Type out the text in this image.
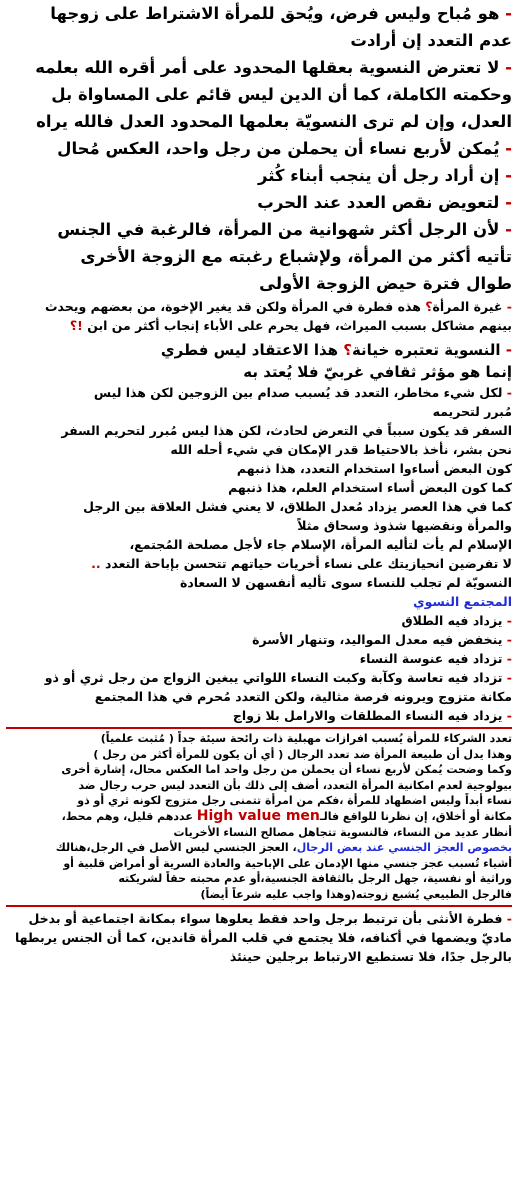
- هو مُباح وليس فرض، ويُحق للمرأة الاشتراط على زوجها
عدم التعدد إن أرادت
- لا تعترض النسوية بعقلها المحدود على أمر أقره الله بعلمه
وحكمته الكاملة، كما أن الدين ليس قائم على المساواة بل
العدل، وإن لم ترى النسويّة بعلمها المحدود العدل فالله يراه
- يُمكن لأربع نساء أن يحملن من رجل واحد، العكس مُحال
- إن أراد رجل أن ينجب أبناء كُثر
- لتعويض نقص العدد عند الحرب
- لأن الرجل أكثر شهوانية من المرأة، فالرغبة في الجنس
تأتيه أكثر من المرأة، ولإشباع رغبته مع الزوجة الأخرى
طوال فترة حيض الزوجة الأولى
- غيرة المرأة؟ هذه فطرة في المرأة ولكن قد يغير الإخوة، من بعضهم ويحدث
بينهم مشاكل بسبب الميراث، فهل يحرم على الأباء إنجاب أكثر من ابن !؟
- النسوية تعتبره خيانة؟ هذا الاعتقاد ليس فطري
إنما هو مؤثر ثقافي غربيّ فلا يُعتد به
- لكل شيء مخاطر، التعدد قد يُسبب صدام بين الزوجين لكن هذا ليس
مُبرر لتحريمه
السفر قد يكون سبباً في التعرض لحادث، لكن هذا ليس مُبرر لتحريم السفر
نحن بشر، نأخذ بالاحتياط قدر الإمكان في شيء أحله الله
كون البعض أساءوا استخدام التعدد، هذا ذنبهم
كما كون البعض أساء استخدام العلم، هذا ذنبهم
كما في هذا العصر يزداد مُعدل الطلاق، لا يعني فشل العلاقة بين الرجل
والمرأة ونقضيها شذوذ وسحاق مثلاً
الإسلام لم يأت لتأليه المرأة، الإسلام جاء لأجل مصلحة المُجتمع،
لا تفرضين انحيازيتك على نساء أخريات حياتهم تتحسن بإباحة التعدد ..
النسويّة لم تجلب للنساء سوى تأليه أنفسهن لا السعادة
المجتمع النسوي
- يزداد فيه الطلاق
- ينخفض فيه معدل المواليد، وتنهار الأسرة
- تزداد فيه عنوسة النساء
- تزداد فيه تعاسة وكآبة وكبت النساء اللواتي يبغين الزواج من رجل ثري أو ذو
مكانة متزوج ويرونه فرصة مثالية، ولكن التعدد مُحرم في هذا المجتمع
- يزداد فيه النساء المطلقات والارامل بلا زواج
تعدد الشركاء للمرأة يُسبب افرازات مهبلية ذات رائحة سيئة جداً ( مُثبت علمياً)
وهذا يدل أن طبيعة المرأة ضد تعدد الرجال ( أي أن يكون للمرأة أكثر من رجل )
وكما وضحت يُمكن لأربع نساء أن يحملن من رجل واحد اما العكس محال، إشارة أخرى
بيولوجية لعدم امكانية المرأة التعدد، أضف إلى ذلك بأن التعدد ليس حرب رجال ضد
نساء أبداً وليس اضطهاد للمرأة ،فكم من امرأة تتمنى رجل متزوج لكونه ثري أو ذو
مكانة أو أخلاق، إن نظرنا للواقع فالـHigh value men عددهم قليل، وهم محط،
أنظار عديد من النساء، فالنسوية تتجاهل مصالح النساء الأخريات
بخصوص العجز الجنسي عند بعض الرجال، العجز الجنسي ليس الأصل في الرجل،هنالك
أشياء تُسبب عجز جنسي منها الإدمان على الإباحية والعادة السرية أو أمراض قلبية أو
وراثية أو نفسية، جهل الرجل بالثقافة الجنسية،أو عدم محبته حقاً لشريكته
فالرجل الطبيعي يُشبع زوجته(وهذا واجب عليه شرعاً أيضاً)
- فطرة الأنثى بأن ترتبط برجل واحد فقط يعلوها سواء بمكانة اجتماعية أو بدخل
ماديّ ويضمها في أكنافه، فلا يجتمع في قلب المرأة قاندين، كما أن الجنس يربطها
بالرجل جدًا، فلا تستطيع الارتباط برجلين حينئذ
